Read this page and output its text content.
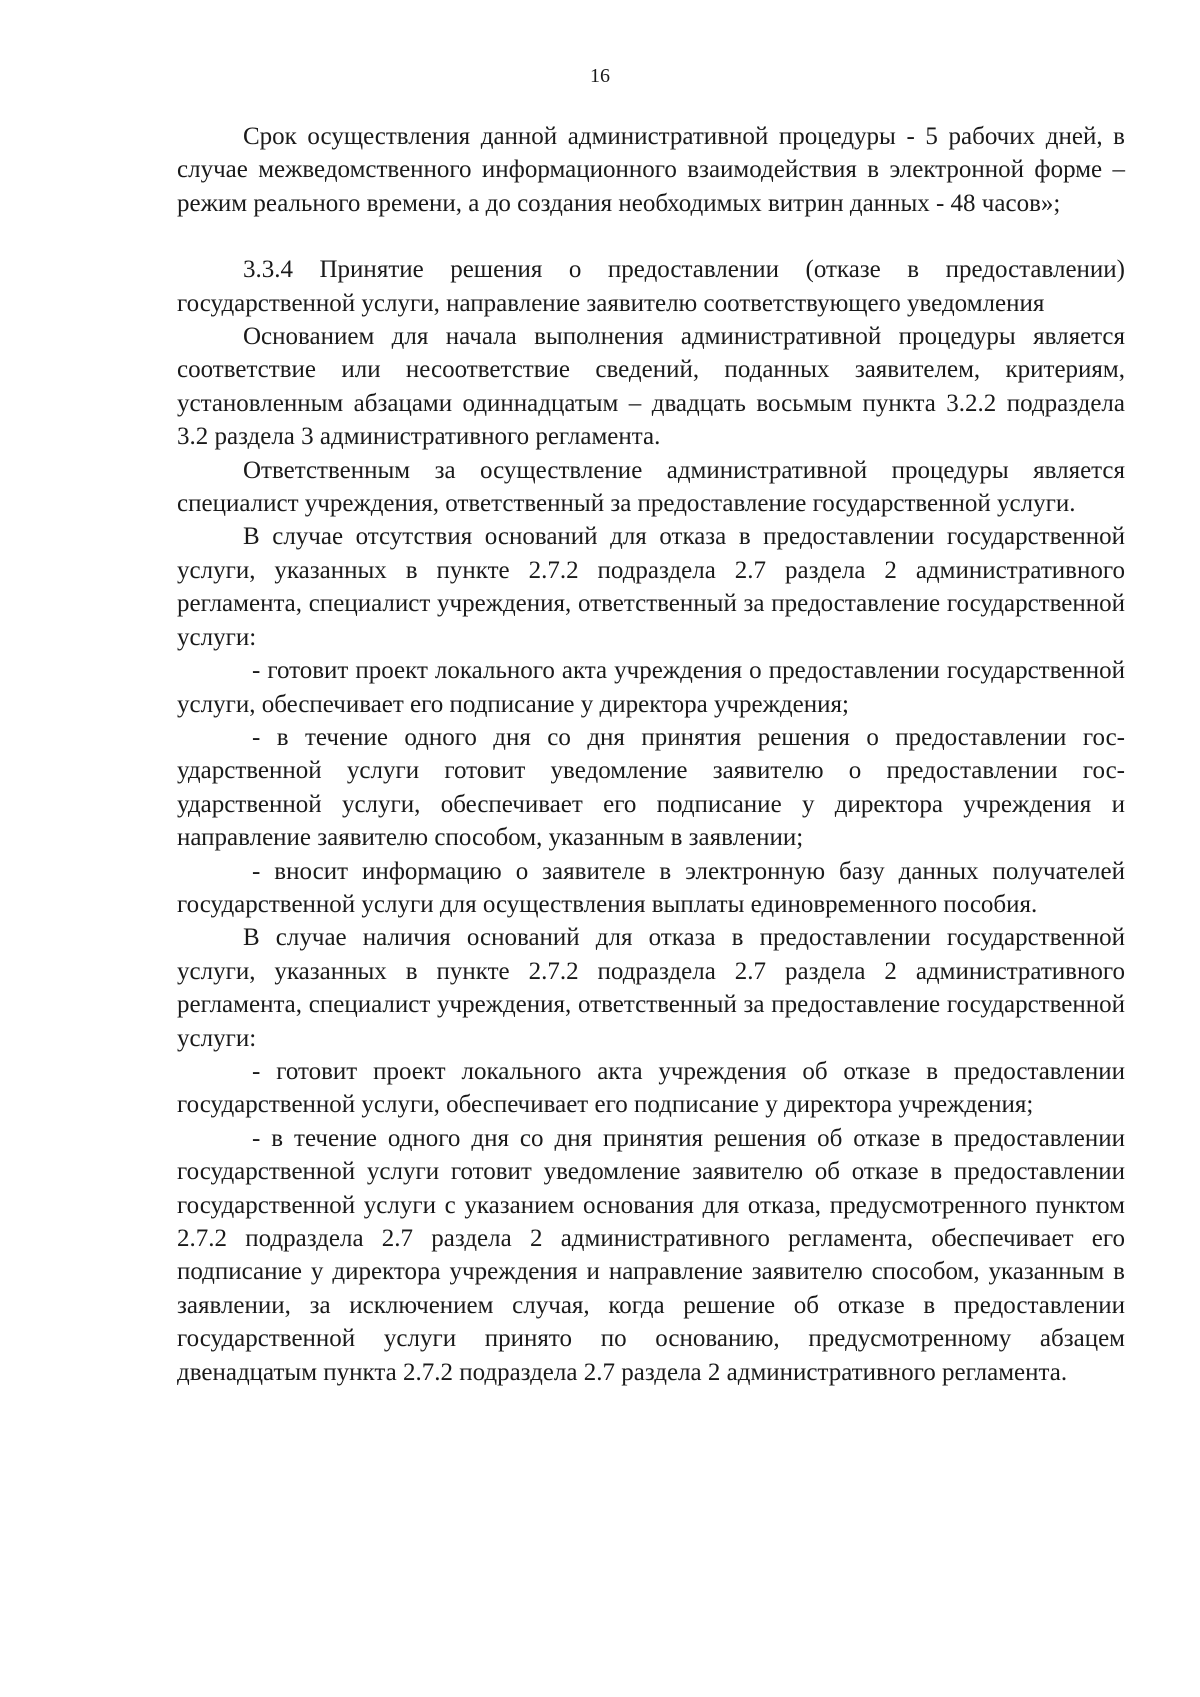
16

Срок осуществления данной административной процедуры - 5 рабочих дней, в случае межведомственного информационного взаимодействия в электронной форме – режим реального времени, а до создания необходимых витрин данных - 48 часов»;

3.3.4 Принятие решения о предоставлении (отказе в предоставлении) государственной услуги, направление заявителю соответствующего уведомления

Основанием для начала выполнения административной процедуры является соответствие или несоответствие сведений, поданных заявителем, критериям, установленным абзацами одиннадцатым – двадцать восьмым пункта 3.2.2 подраздела 3.2 раздела 3 административного регламента.

Ответственным за осуществление административной процедуры является специалист учреждения, ответственный за предоставление государственной услуги.

В случае отсутствия оснований для отказа в предоставлении государственной услуги, указанных в пункте 2.7.2 подраздела 2.7 раздела 2 административного регламента, специалист учреждения, ответственный за предоставление государственной услуги:

- готовит проект локального акта учреждения о предоставлении государственной услуги, обеспечивает его подписание у директора учреждения;

- в течение одного дня со дня принятия решения о предоставлении государственной услуги готовит уведомление заявителю о предоставлении государственной услуги, обеспечивает его подписание у директора учреждения и направление заявителю способом, указанным в заявлении;

- вносит информацию о заявителе в электронную базу данных получателей государственной услуги для осуществления выплаты единовременного пособия.

В случае наличия оснований для отказа в предоставлении государственной услуги, указанных в пункте 2.7.2 подраздела 2.7 раздела 2 административного регламента, специалист учреждения, ответственный за предоставление государственной услуги:

- готовит проект локального акта учреждения об отказе в предоставлении государственной услуги, обеспечивает его подписание у директора учреждения;

- в течение одного дня со дня принятия решения об отказе в предоставлении государственной услуги готовит уведомление заявителю об отказе в предоставлении государственной услуги с указанием основания для отказа, предусмотренного пунктом 2.7.2 подраздела 2.7 раздела 2 административного регламента, обеспечивает его подписание у директора учреждения и направление заявителю способом, указанным в заявлении, за исключением случая, когда решение об отказе в предоставлении государственной услуги принято по основанию, предусмотренному абзацем двенадцатым пункта 2.7.2 подраздела 2.7 раздела 2 административного регламента.
